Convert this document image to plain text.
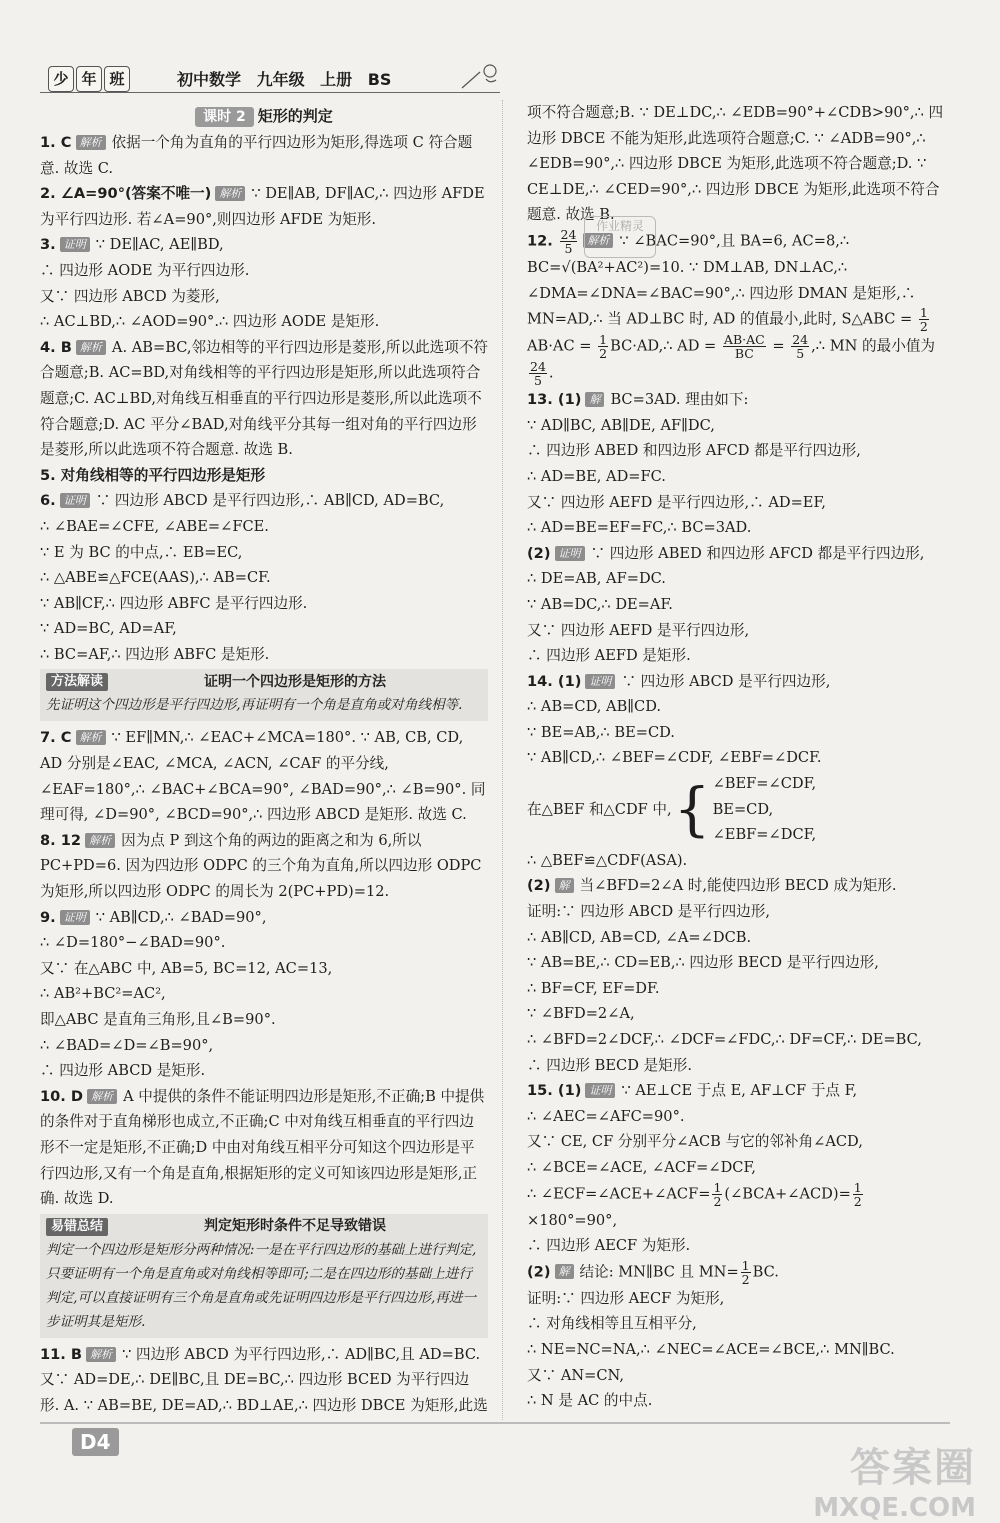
少 年 班	初中数学 九年级 上册 BS
课时 2 矩形的判定

1. C 解析 依据一个角为直角的平行四边形为矩形,得选项 C 符合题意. 故选 C.

2. ∠A=90°(答案不唯一) 解析 ∵ DE∥AB, DF∥AC,∴ 四边形 AFDE 为平行四边形. 若∠A=90°,则四边形 AFDE 为矩形.

3. 证明 ∵ DE∥AC, AE∥BD,

∴ 四边形 AODE 为平行四边形.

又∵ 四边形 ABCD 为菱形,

∴ AC⊥BD,∴ ∠AOD=90°.∴ 四边形 AODE 是矩形.

4. B 解析 A. AB=BC,邻边相等的平行四边形是菱形,所以此选项不符合题意;B. AC=BD,对角线相等的平行四边形是矩形,所以此选项符合题意;C. AC⊥BD,对角线互相垂直的平行四边形是菱形,所以此选项不符合题意;D. AC 平分∠BAD,对角线平分其每一组对角的平行四边形是菱形,所以此选项不符合题意. 故选 B.

5. 对角线相等的平行四边形是矩形

6. 证明 ∵ 四边形 ABCD 是平行四边形,∴ AB∥CD, AD=BC,

∴ ∠BAE=∠CFE, ∠ABE=∠FCE.

∵ E 为 BC 的中点,∴ EB=EC,

∴ △ABE≌△FCE(AAS),∴ AB=CF.

∵ AB∥CF,∴ 四边形 ABFC 是平行四边形.

∵ AD=BC, AD=AF,

∴ BC=AF,∴ 四边形 ABFC 是矩形.

方法解读	证明一个四边形是矩形的方法
先证明这个四边形是平行四边形,再证明有一个角是直角或对角线相等.

7. C 解析 ∵ EF∥MN,∴ ∠EAC+∠MCA=180°. ∵ AB, CB, CD, AD 分别是∠EAC, ∠MCA, ∠ACN, ∠CAF 的平分线, ∠EAF=180°,∴ ∠BAC+∠BCA=90°, ∠BAD=90°,∴ ∠B=90°. 同理可得, ∠D=90°, ∠BCD=90°,∴ 四边形 ABCD 是矩形. 故选 C.

8. 12 解析 因为点 P 到这个角的两边的距离之和为 6,所以 PC+PD=6. 因为四边形 ODPC 的三个角为直角,所以四边形 ODPC 为矩形,所以四边形 ODPC 的周长为 2(PC+PD)=12.

9. 证明 ∵ AB∥CD,∴ ∠BAD=90°,

∴ ∠D=180°−∠BAD=90°.

又∵ 在△ABC 中, AB=5, BC=12, AC=13,

∴ AB²+BC²=AC²,

即△ABC 是直角三角形,且∠B=90°.

∴ ∠BAD=∠D=∠B=90°,

∴ 四边形 ABCD 是矩形.

10. D 解析 A 中提供的条件不能证明四边形是矩形,不正确;B 中提供的条件对于直角梯形也成立,不正确;C 中对角线互相垂直的平行四边形不一定是矩形,不正确;D 中由对角线互相平分可知这个四边形是平行四边形,又有一个角是直角,根据矩形的定义可知该四边形是矩形,正确. 故选 D.

易错总结	判定矩形时条件不足导致错误
判定一个四边形是矩形分两种情况:一是在平行四边形的基础上进行判定,只要证明有一个角是直角或对角线相等即可;二是在四边形的基础上进行判定,可以直接证明有三个角是直角或先证明四边形是平行四边形,再进一步证明其是矩形.

11. B 解析 ∵ 四边形 ABCD 为平行四边形,∴ AD∥BC,且 AD=BC.

又∵ AD=DE,∴ DE∥BC,且 DE=BC,∴ 四边形 BCED 为平行四边形. A. ∵ AB=BE, DE=AD,∴ BD⊥AE,∴ 四边形 DBCE 为矩形,此选

项不符合题意;B. ∵ DE⊥DC,∴ ∠EDB=90°+∠CDB>90°,∴ 四边形 DBCE 不能为矩形,此选项符合题意;C. ∵ ∠ADB=90°,∴ ∠EDB=90°,∴ 四边形 DBCE 为矩形,此选项不符合题意;D. ∵ CE⊥DE,∴ ∠CED=90°,∴ 四边形 DBCE 为矩形,此选项不符合题意. 故选 B.

12. $\frac{24}{5}$ 解析 ∵ ∠BAC=90°,且 BA=6, AC=8,∴ BC=√(BA²+AC²)=10. ∵ DM⊥AB, DN⊥AC,∴ ∠DMA=∠DNA=∠BAC=90°,∴ 四边形 DMAN 是矩形,∴ MN=AD,∴ 当 AD⊥BC 时, AD 的值最小,此时, S△ABC = $\frac{1}{2}$
$AB\cdot AC = \frac{1}{2}$ BC·AD,∴ AD = $\frac{AB\cdot AC}{BC} = \frac{24}{5}$ ,∴ MN 的最小值为
$\frac{24}{5}$ .

13. (1) 解 BC=3AD. 理由如下:

∵ AD∥BC, AB∥DE, AF∥DC,

∴ 四边形 ABED 和四边形 AFCD 都是平行四边形,

∴ AD=BE, AD=FC.

又∵ 四边形 AEFD 是平行四边形,∴ AD=EF,

∴ AD=BE=EF=FC,∴ BC=3AD.

(2) 证明 ∵ 四边形 ABED 和四边形 AFCD 都是平行四边形,

∴ DE=AB, AF=DC.

∵ AB=DC,∴ DE=AF.

又∵ 四边形 AEFD 是平行四边形,

∴ 四边形 AEFD 是矩形.

14. (1) 证明 ∵ 四边形 ABCD 是平行四边形,

∴ AB=CD, AB∥CD.

∵ BE=AB,∴ BE=CD.

∵ AB∥CD,∴ ∠BEF=∠CDF, ∠EBF=∠DCF.

在△BEF 和△CDF 中, { ∠BEF=∠CDF,
BE=CD,
∠EBF=∠DCF,

∴ △BEF≌△CDF(ASA).

(2) 解 当∠BFD=2∠A 时,能使四边形 BECD 成为矩形.

证明:∵ 四边形 ABCD 是平行四边形,

∴ AB∥CD, AB=CD, ∠A=∠DCB.

∵ AB=BE,∴ CD=EB,∴ 四边形 BECD 是平行四边形,

∴ BF=CF, EF=DF.

∵ ∠BFD=2∠A,

∴ ∠BFD=2∠DCF,∴ ∠DCF=∠FDC,∴ DF=CF,∴ DE=BC,

∴ 四边形 BECD 是矩形.

15. (1) 证明 ∵ AE⊥CE 于点 E, AF⊥CF 于点 F,

∴ ∠AEC=∠AFC=90°.

又∵ CE, CF 分别平分∠ACB 与它的邻补角∠ACD,

∴ ∠BCE=∠ACE, ∠ACF=∠DCF,

∴ ∠ECF=∠ACE+∠ACF= $\frac{1}{2}$ (∠BCA+∠ACD)= $\frac{1}{2}$
×180°=90°,

∴ 四边形 AECF 为矩形.

(2) 解 结论: MN∥BC 且 $MN= \frac{1}{2}$ BC.

证明:∵ 四边形 AECF 为矩形,

∴ 对角线相等且互相平分,

∴ NE=NC=NA,∴ ∠NEC=∠ACE=∠BCE,∴ MN∥BC.

又∵ AN=CN,

∴ N 是 AC 的中点.

作业精灵
D4
答案圈
MXQE.COM
